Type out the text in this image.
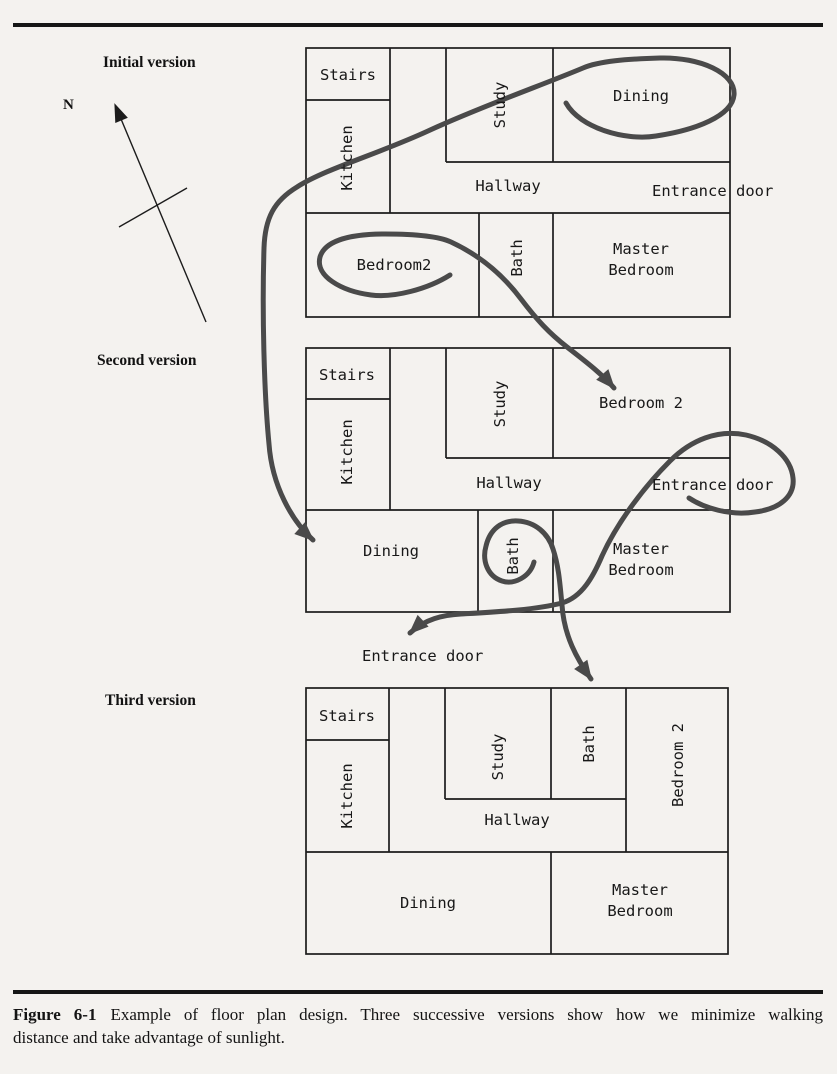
N
Initial version
Second version
Third version
Stairs
Kitchen
Study	Dining
Hallway	Entrance door
Bedroom2	Bath	Master
Bedroom
Stairs
Kitchen
Study	Bedroom 2
Hallway	Entrance door
Dining	Bath	Master
Bedroom
Entrance door
Stairs
Kitchen
Study	Bath	Bedroom 2
Hallway
Dining
Master
Bedroom
Figure 6-1 Example of floor plan design. Three successive versions show how we minimize walking
distance and take advantage of sunlight.
